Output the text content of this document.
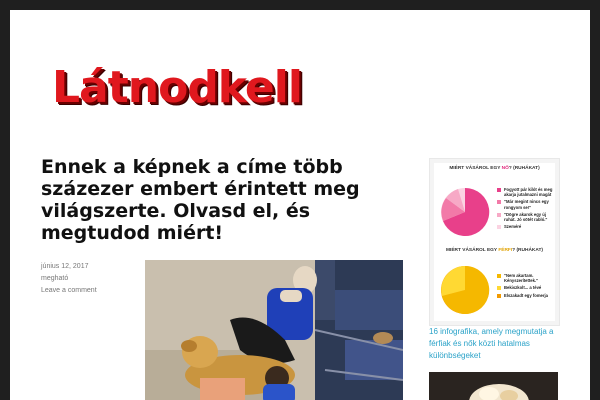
Látnodkell
Ennek a képnek a címe több százezer embert érintett meg világszerte. Olvasd el, és megtudod miért!
június 12, 2017
megható
Leave a comment
MIÉRT VÁSÁROL EGY NŐ? (RUHÁKAT)
Fogyott pár kilót és meg akarja jutalmazni magát
"Már megint nincs egy rongyom se!"
"Dögre akarok egy új ruhát. Jó sötét rabló."
Szeméré
MIÉRT VÁSÁROL EGY FÉRFI? (RUHÁKAT)
"Nem akartam. Kényszerítettek."
Bekiszkolt... a tévé
Elszakadt egy fomerja
16 infografika, amely megmutatja a férfiak és nők közti hatalmas különbségeket
